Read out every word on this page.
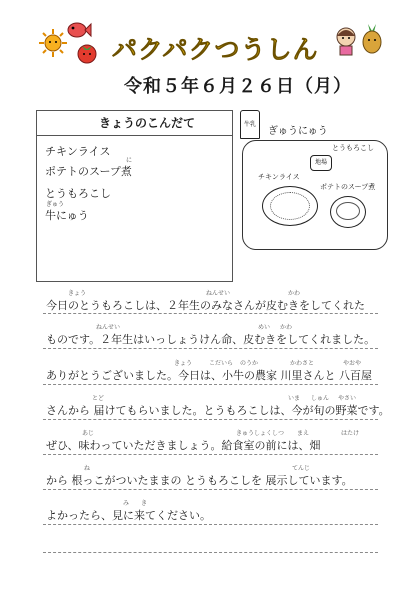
パクパクつうしん
令和５年６月２６日（月）
きょうのこんだて
チキンライス
に
ポテトのスープ煮
とうもろこし
ぎゅう
牛にゅう
牛乳
ぎゅうにゅう
とうもろこし
地場
チキンライス
ポテトのスープ煮
今日のとうもろこしは、２年生のみなさんが皮むきをしてくれた
ものです。２年生はいっしょうけん命、皮むきをしてくれました。
ありがとうございました。今日は、小牛の農家 川里さんと 八百屋
さんから 届けてもらいました。とうもろこしは、今が旬の野菜です。
ぜひ、味わっていただきましょう。給食室の前には、畑
から 根っこがついたままの とうもろこしを 展示しています。
よかったら、見に来てください。
きょう	ねんせい	かわ
ねんせい	めい かわ
きょう	こだいら のうか	かわさと	やおや
とど	いま しゅん やさい
あじ	きゅうしょくしつ まえ	はたけ
ね	てんじ
み き
